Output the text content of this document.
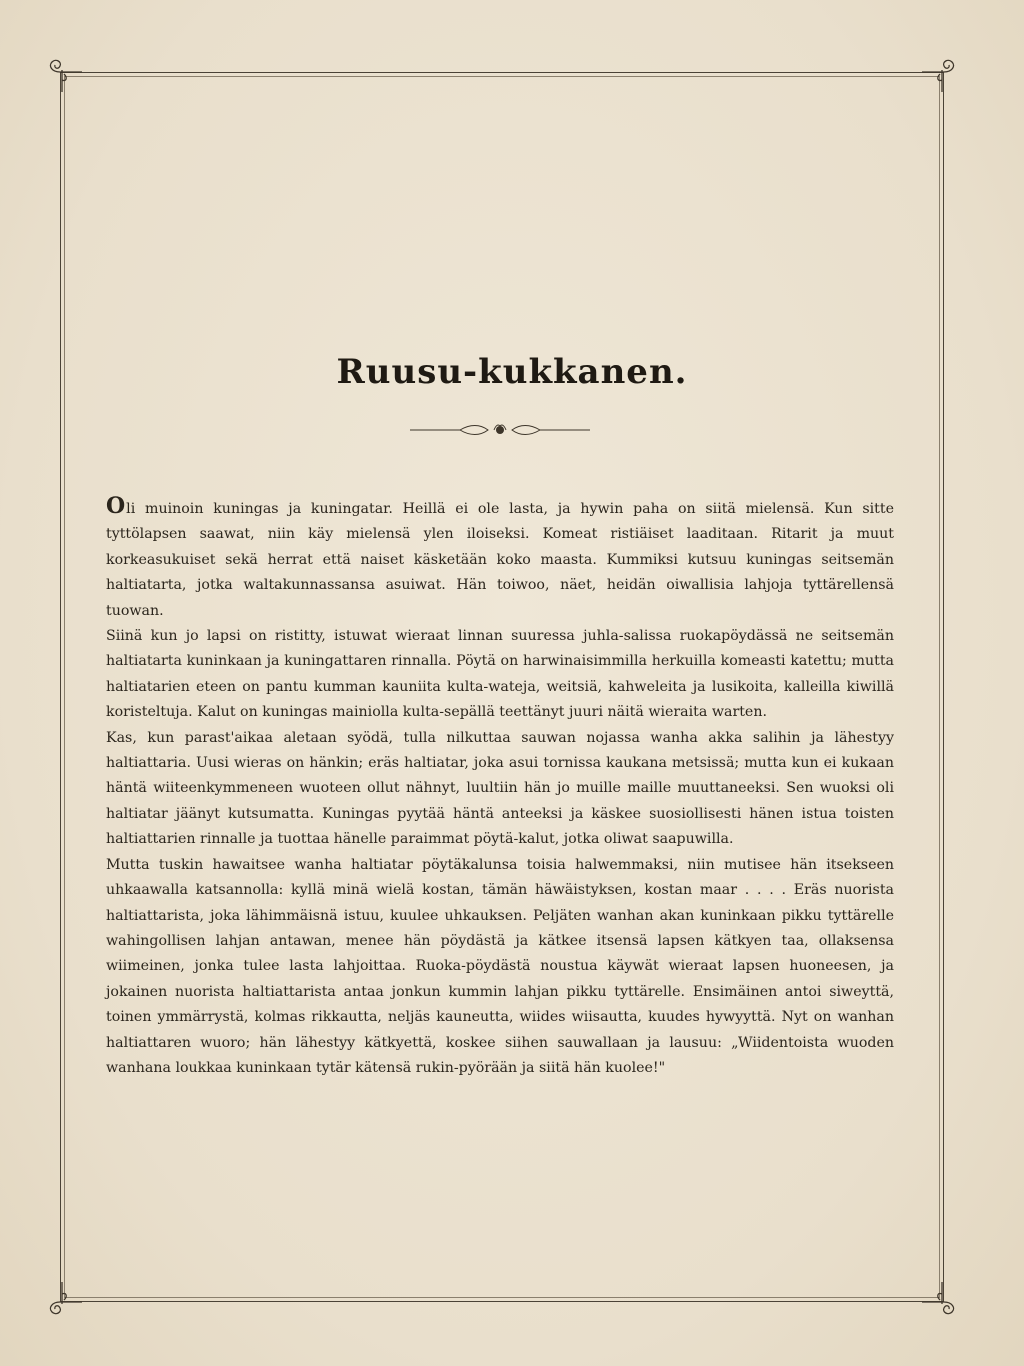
Ruusu-kukkanen.

Oli muinoin kuningas ja kuningatar. Heillä ei ole lasta, ja hywin paha on siitä mielensä. Kun sitte tyttölapsen saawat, niin käy mielensä ylen iloiseksi. Komeat ristiäiset laaditaan. Ritarit ja muut korkeasukuiset sekä herrat että naiset käsketään koko maasta. Kummiksi kutsuu kuningas seitsemän haltiatarta, jotka waltakunnassansa asuiwat. Hän toiwoo, näet, heidän oiwallisia lahjoja tyttärellensä tuowan.

Siinä kun jo lapsi on ristitty, istuwat wieraat linnan suuressa juhla-salissa ruokapöydässä ne seitsemän haltiatarta kuninkaan ja kuningattaren rinnalla. Pöytä on harwinaisimmilla herkuilla komeasti katettu; mutta haltiatarien eteen on pantu kumman kauniita kulta-wateja, weitsiä, kahweleita ja lusikoita, kalleilla kiwillä koristeltuja. Kalut on kuningas mainiolla kulta-sepällä teettänyt juuri näitä wieraita warten.

Kas, kun parast'aikaa aletaan syödä, tulla nilkuttaa sauwan nojassa wanha akka salihin ja lähestyy haltiattaria. Uusi wieras on hänkin; eräs haltiatar, joka asui tornissa kaukana metsissä; mutta kun ei kukaan häntä wiiteenkymmeneen wuoteen ollut nähnyt, luultiin hän jo muille maille muuttaneeksi. Sen wuoksi oli haltiatar jäänyt kutsumatta. Kuningas pyytää häntä anteeksi ja käskee suosiollisesti hänen istua toisten haltiattarien rinnalle ja tuottaa hänelle paraimmat pöytä-kalut, jotka oliwat saapuwilla.

Mutta tuskin hawaitsee wanha haltiatar pöytäkalunsa toisia halwemmaksi, niin mutisee hän itsekseen uhkaawalla katsannolla: kyllä minä wielä kostan, tämän häwäistyksen, kostan maar . . . . Eräs nuorista haltiattarista, joka lähimmäisnä istuu, kuulee uhkauksen. Peljäten wanhan akan kuninkaan pikku tyttärelle wahingollisen lahjan antawan, menee hän pöydästä ja kätkee itsensä lapsen kätkyen taa, ollaksensa wiimeinen, jonka tulee lasta lahjoittaa. Ruoka-pöydästä noustua käywät wieraat lapsen huoneesen, ja jokainen nuorista haltiattarista antaa jonkun kummin lahjan pikku tyttärelle. Ensimäinen antoi siweyttä, toinen ymmärrystä, kolmas rikkautta, neljäs kauneutta, wiides wiisautta, kuudes hywyyttä. Nyt on wanhan haltiattaren wuoro; hän lähestyy kätkyettä, koskee siihen sauwallaan ja lausuu: „Wiidentoista wuoden wanhana loukkaa kuninkaan tytär kätensä rukin-pyörään ja siitä hän kuolee!"
